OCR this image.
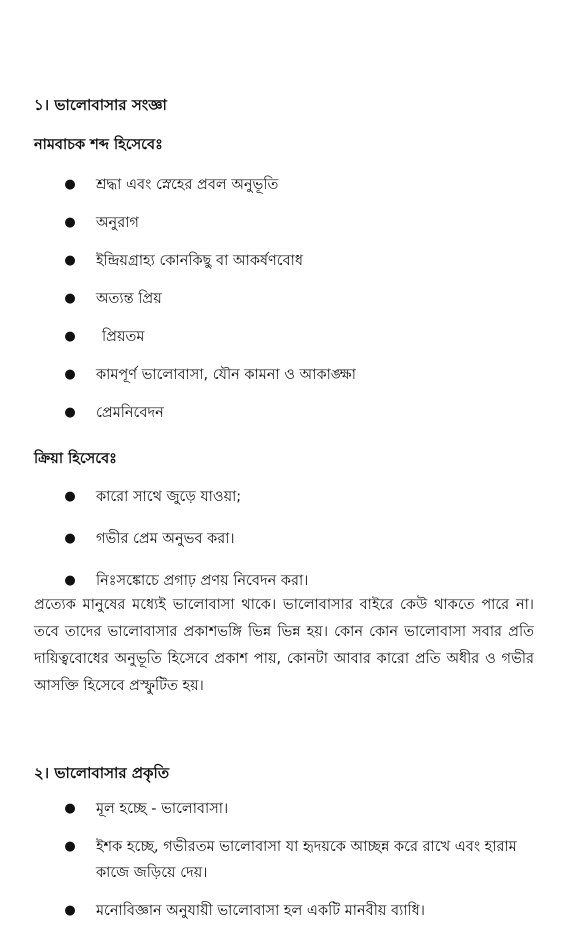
১। ভালোবাসার সংজ্ঞা
নামবাচক শব্দ হিসেবেঃ
●	শ্রদ্ধা এবং স্নেহের প্রবল অনুভূতি
●	অনুরাগ
●	ইন্দ্রিয়গ্রাহ্য কোনকিছু বা আকর্ষণবোধ
●	অত্যন্ত প্রিয়
●	প্রিয়তম
●	কামপূর্ণ ভালোবাসা, যৌন কামনা ও আকাঙ্ক্ষা
●	প্রেমনিবেদন
ক্রিয়া হিসেবেঃ
●	কারো সাথে জুড়ে যাওয়া;
●	গভীর প্রেম অনুভব করা।
●	নিঃসঙ্কোচে প্রগাঢ় প্রণয় নিবেদন করা।

প্রত্যেক মানুষের মধ্যেই ভালোবাসা থাকে। ভালোবাসার বাইরে কেউ থাকতে পারে না। তবে তাদের ভালোবাসার প্রকাশভঙ্গি ভিন্ন ভিন্ন হয়। কোন কোন ভালোবাসা সবার প্রতি দায়িত্ববোধের অনুভূতি হিসেবে প্রকাশ পায়, কোনটা আবার কারো প্রতি অধীর ও গভীর আসক্তি হিসেবে প্রস্ফুটিত হয়।

২। ভালোবাসার প্রকৃতি
●	মূল হচ্ছে - ভালোবাসা।
●	ইশক হচ্ছে, গভীরতম ভালোবাসা যা হৃদয়কে আচ্ছন্ন করে রাখে এবং হারাম কাজে জড়িয়ে দেয়।
●	মনোবিজ্ঞান অনুযায়ী ভালোবাসা হল একটি মানবীয় ব্যাধি।
